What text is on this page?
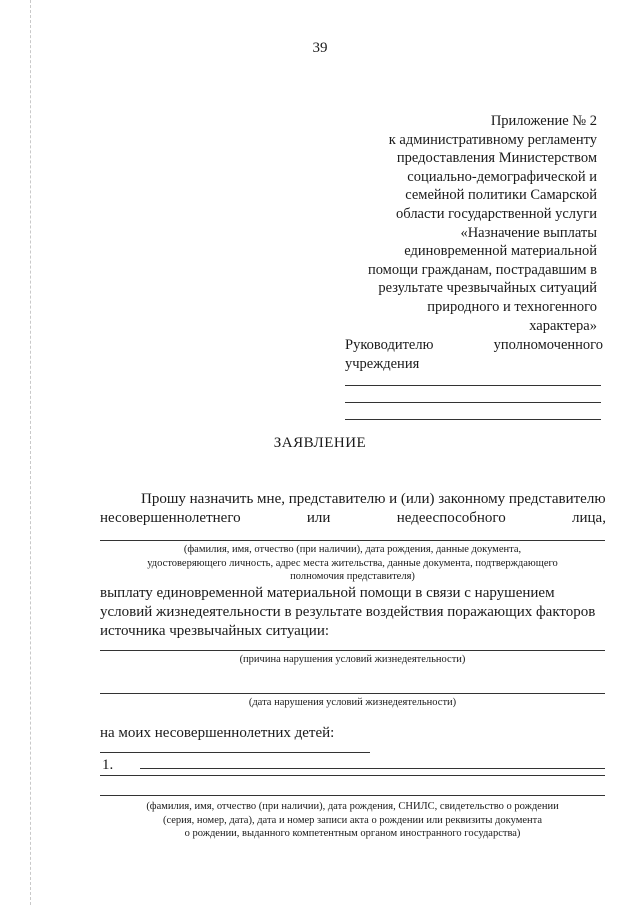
39
Приложение № 2
к административному регламенту
предоставления Министерством
социально-демографической и
семейной политики Самарской
области государственной услуги
«Назначение выплаты
единовременной материальной
помощи гражданам, пострадавшим в
результате чрезвычайных ситуаций
природного и техногенного
характера»
Руководителю	уполномоченного
учреждения
ЗАЯВЛЕНИЕ
Прошу назначить мне, представителю и (или) законному представителю
несовершеннолетнего	или	недееспособного	лица,
(фамилия, имя, отчество (при наличии), дата рождения, данные документа,
удостоверяющего личность, адрес места жительства, данные документа, подтверждающего
полномочия представителя)
выплату единовременной материальной помощи в связи с нарушением
условий жизнедеятельности в результате воздействия поражающих факторов
источника чрезвычайных ситуации:
(причина нарушения условий жизнедеятельности)
(дата нарушения условий жизнедеятельности)
на моих несовершеннолетних детей:
1.
(фамилия, имя, отчество (при наличии), дата рождения, СНИЛС, свидетельство о рождении
(серия, номер, дата), дата и номер записи акта о рождении или реквизиты документа
о рождении, выданного компетентным органом иностранного государства)
